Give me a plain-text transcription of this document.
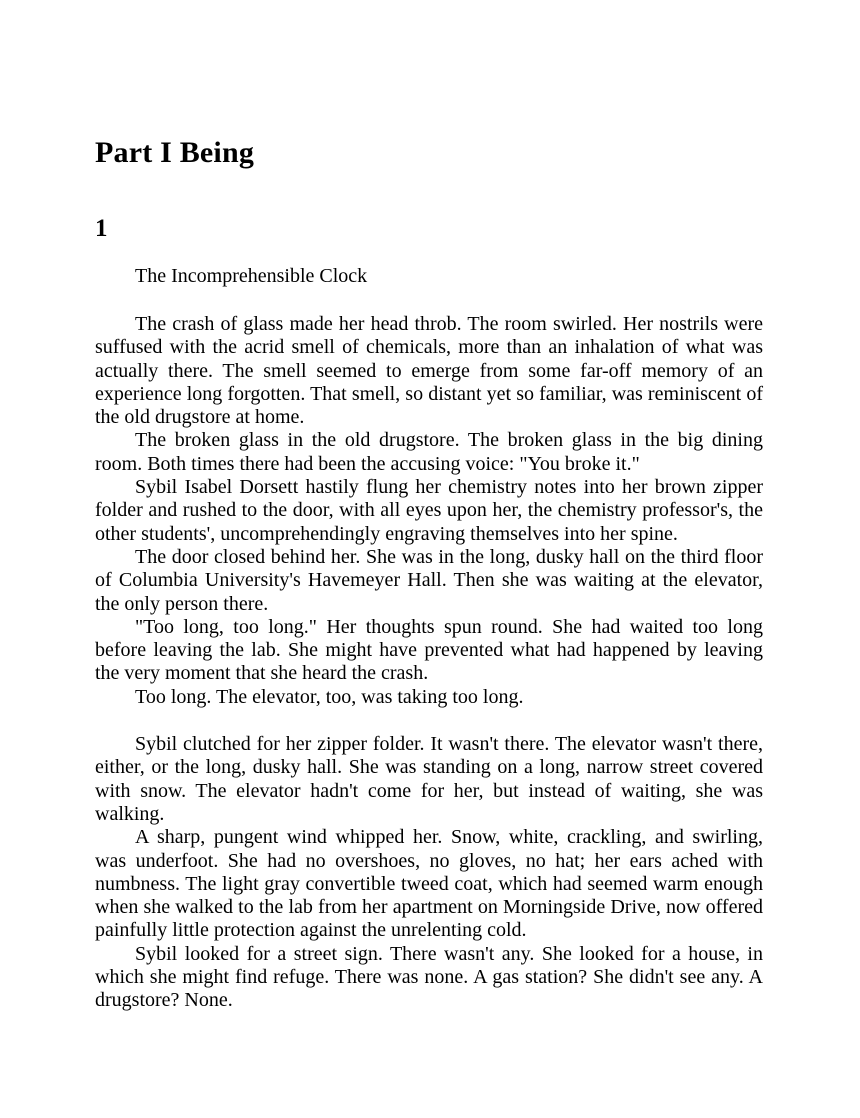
Part I Being
1
The Incomprehensible Clock

The crash of glass made her head throb. The room swirled. Her nostrils were suffused with the acrid smell of chemicals, more than an inhalation of what was actually there. The smell seemed to emerge from some far-off memory of an experience long forgotten. That smell, so distant yet so familiar, was reminiscent of the old drugstore at home.

The broken glass in the old drugstore. The broken glass in the big dining room. Both times there had been the accusing voice: "You broke it."

Sybil Isabel Dorsett hastily flung her chemistry notes into her brown zipper folder and rushed to the door, with all eyes upon her, the chemistry professor's, the other students', uncomprehendingly engraving themselves into her spine.

The door closed behind her. She was in the long, dusky hall on the third floor of Columbia University's Havemeyer Hall. Then she was waiting at the elevator, the only person there.

"Too long, too long." Her thoughts spun round. She had waited too long before leaving the lab. She might have prevented what had happened by leaving the very moment that she heard the crash.

Too long. The elevator, too, was taking too long.

Sybil clutched for her zipper folder. It wasn't there. The elevator wasn't there, either, or the long, dusky hall. She was standing on a long, narrow street covered with snow. The elevator hadn't come for her, but instead of waiting, she was walking.

A sharp, pungent wind whipped her. Snow, white, crackling, and swirling, was underfoot. She had no overshoes, no gloves, no hat; her ears ached with numbness. The light gray convertible tweed coat, which had seemed warm enough when she walked to the lab from her apartment on Morningside Drive, now offered painfully little protection against the unrelenting cold.

Sybil looked for a street sign. There wasn't any. She looked for a house, in which she might find refuge. There was none. A gas station? She didn't see any. A drugstore? None.
